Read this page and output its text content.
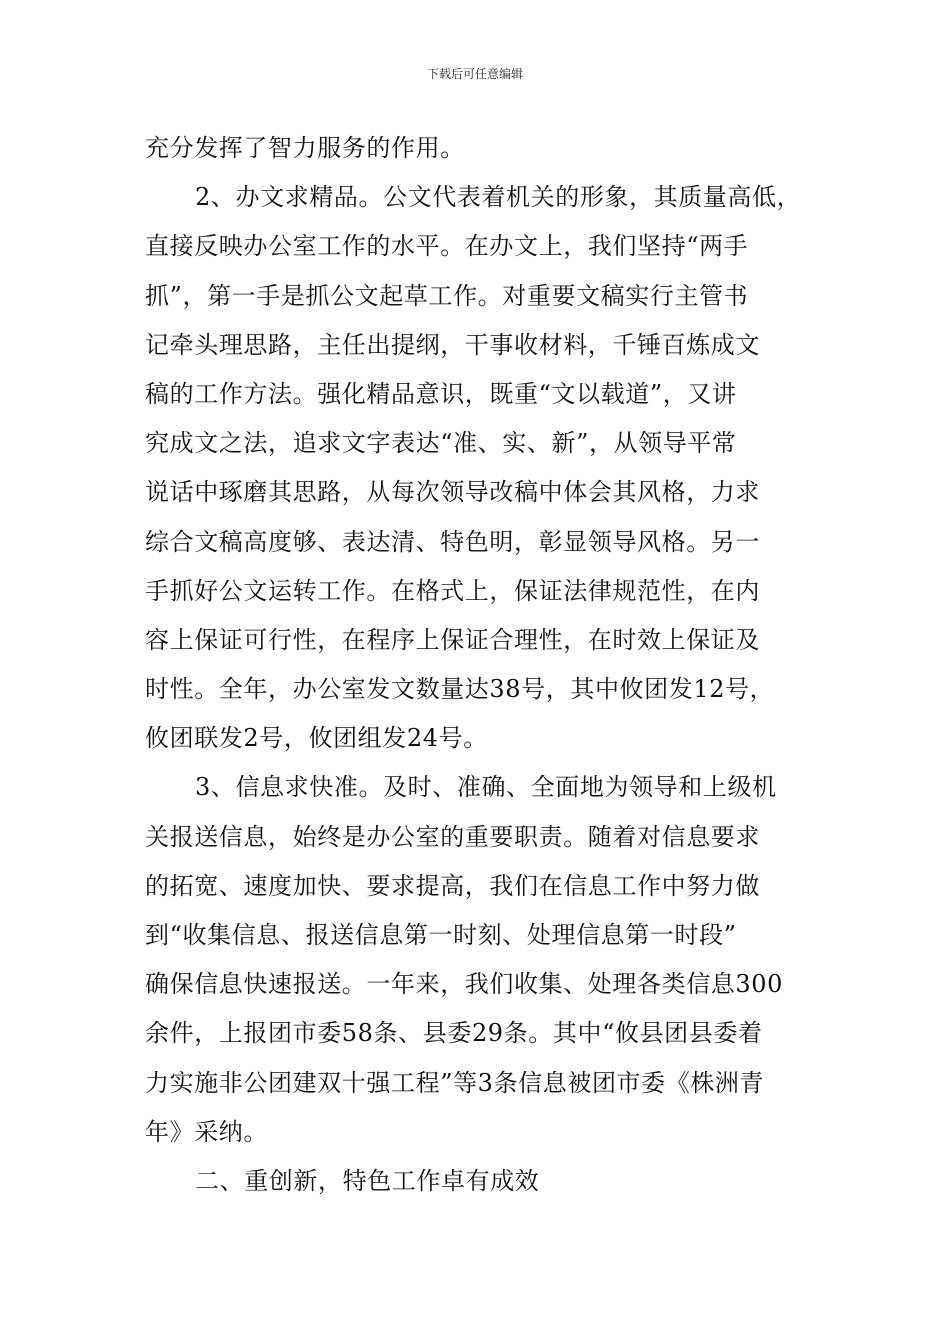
下载后可任意编辑
充分发挥了智力服务的作用。
2、办文求精品。公文代表着机关的形象，其质量高低，
直接反映办公室工作的水平。在办文上，我们坚持“两手
抓”，第一手是抓公文起草工作。对重要文稿实行主管书
记牵头理思路，主任出提纲，干事收材料，千锤百炼成文
稿的工作方法。强化精品意识，既重“文以载道”，又讲
究成文之法，追求文字表达“准、实、新”，从领导平常
说话中琢磨其思路，从每次领导改稿中体会其风格，力求
综合文稿高度够、表达清、特色明，彰显领导风格。另一
手抓好公文运转工作。在格式上，保证法律规范性，在内
容上保证可行性，在程序上保证合理性，在时效上保证及
时性。全年，办公室发文数量达38号，其中攸团发12号，
攸团联发2号，攸团组发24号。
3、信息求快准。及时、准确、全面地为领导和上级机
关报送信息，始终是办公室的重要职责。随着对信息要求
的拓宽、速度加快、要求提高，我们在信息工作中努力做
到“收集信息、报送信息第一时刻、处理信息第一时段”
确保信息快速报送。一年来，我们收集、处理各类信息300
余件，上报团市委58条、县委29条。其中“攸县团县委着
力实施非公团建双十强工程”等3条信息被团市委《株洲青
年》采纳。
二、重创新，特色工作卓有成效
